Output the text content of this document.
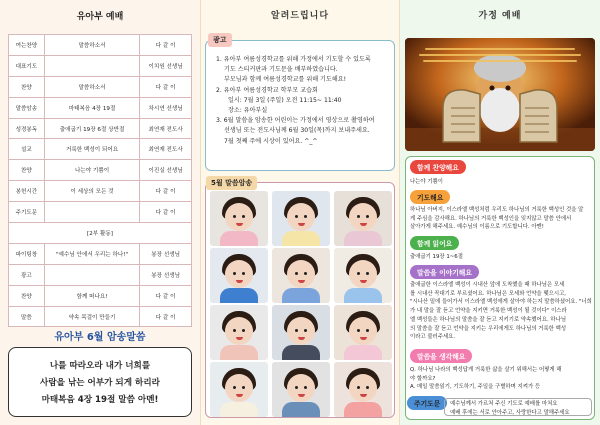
유아부 예배
여는찬양	말씀하소서	다 같 이
대표기도		이치원 선생님
찬양	말씀하소서	다 같 이
말씀암송	마태복음 4장 19절	차시연 선생님
성경봉독	출애굽기 19장 6절 상반절	최연재 전도사
설교	거룩한 백성이 되어요	최연재 전도사
찬양	나는야 기쁨이	이진실 선생님
봉헌시간	이 세상의 모든 것	다 같 이
주기도문		다 같 이
[2부 활동]		
파이팅창	"예수님 안에서 우리는 하나!"	봉장 선생님
광고		봉장 선생님
찬양	함께 떠나요!	다 같 이
말씀	약속 목걸이 만들기	다 같 이
유아부 6월 암송말씀
나를 따라오라 내가 너희를
사람을 낚는 어부가 되게 하리라
마태복음 4장 19절 말씀 아멘!
알려드립니다
1. 유아부 여름성경학교를 위해 가정에서 기도할 수 있도록
기도 스티커판과 기도문을 배부하였습니다.
부모님과 함께 여름성경학교를 위해 기도해요!
2. 유아부 여름성경학교 학부모 교습회
일시: 7월 3일 (주일) 오전 11:15~ 11:40
장소: 유아부실
3. 6월 말씀을 암송한 어린이는 가정에서 영상으로 촬영하여
선생님 또는 전도사님께 6월 30일(목)까지 보내주세요.
7월 첫째 주에 시상이 있어요. ^_^
광고
5월 말씀암송
가정 예배
함께 찬양해요
나는야 기쁨이
기도해요
하나님 아버지, 이스라엘 백성처럼 우리도 하나님의 거룩한 백성인 것을 알
게 주심을 감사해요. 하나님의 거룩한 백성인을 잊지않고 말씀 안에서
살아가게 해주세요. 예수님의 이름으로 기도합니다. 아멘!
함께 읽어요
출애굽기 19장 1~6절
말씀을 이야기해요
출애굽한 이스라엘 백성이 시내산 앞에 도착했을 때 하나님은 모세
를 시내산 꼭대기로 부르셨어요. 하나님은 모세와 언약을 맺으시고,
"시나산 밑에 들어가서 이스라엘 백성에게 살아야 하는지 말씀하셨어요. "너희
가 내 말을 잘 듣고 언약을 지키면 거룩한 백성이 될 것이다" 이스라
엘 백성들은 하나님의 말씀을 잘 듣고 지키기로 약속했어요. 하나님
의 말씀을 잘 듣고 언약을 지키는 우리에게도 하나님의 거룩한 백성
이라고 불러주세요.
말씀을 생각해요
Q. 하나님 나라의 백성답게 거룩한 삶을 살기 위해서는 어떻게 해
야 할까요?
A. 매일 말씀읽기, 기도하기, 주일을 구별하며 지켜가 등
주기도문	예수님께서 가르쳐 주신 기도로 예배를 마쳐요
예배 후에는 서로 안아주고, 사랑한다고 말해주세요
